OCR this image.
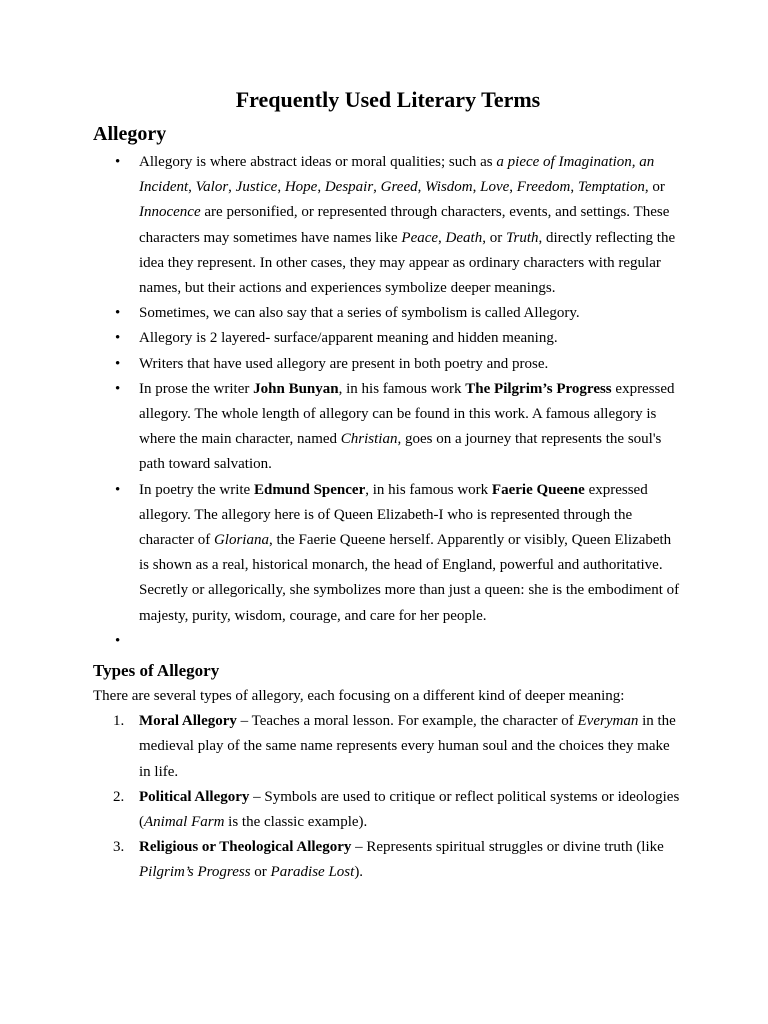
Frequently Used Literary Terms
Allegory
• Allegory is where abstract ideas or moral qualities; such as a piece of Imagination, an Incident, Valor, Justice, Hope, Despair, Greed, Wisdom, Love, Freedom, Temptation, or Innocence are personified, or represented through characters, events, and settings. These characters may sometimes have names like Peace, Death, or Truth, directly reflecting the idea they represent. In other cases, they may appear as ordinary characters with regular names, but their actions and experiences symbolize deeper meanings.
• Sometimes, we can also say that a series of symbolism is called Allegory.
• Allegory is 2 layered- surface/apparent meaning and hidden meaning.
• Writers that have used allegory are present in both poetry and prose.
• In prose the writer John Bunyan, in his famous work The Pilgrim’s Progress expressed allegory. The whole length of allegory can be found in this work. A famous allegory is where the main character, named Christian, goes on a journey that represents the soul's path toward salvation.
• In poetry the write Edmund Spencer, in his famous work Faerie Queene expressed allegory. The allegory here is of Queen Elizabeth-I who is represented through the character of Gloriana, the Faerie Queene herself. Apparently or visibly, Queen Elizabeth is shown as a real, historical monarch, the head of England, powerful and authoritative. Secretly or allegorically, she symbolizes more than just a queen: she is the embodiment of majesty, purity, wisdom, courage, and care for her people.
•
Types of Allegory

There are several types of allegory, each focusing on a different kind of deeper meaning:

1. Moral Allegory – Teaches a moral lesson. For example, the character of Everyman in the medieval play of the same name represents every human soul and the choices they make in life.
2. Political Allegory – Symbols are used to critique or reflect political systems or ideologies (Animal Farm is the classic example).
3. Religious or Theological Allegory – Represents spiritual struggles or divine truth (like Pilgrim’s Progress or Paradise Lost).
